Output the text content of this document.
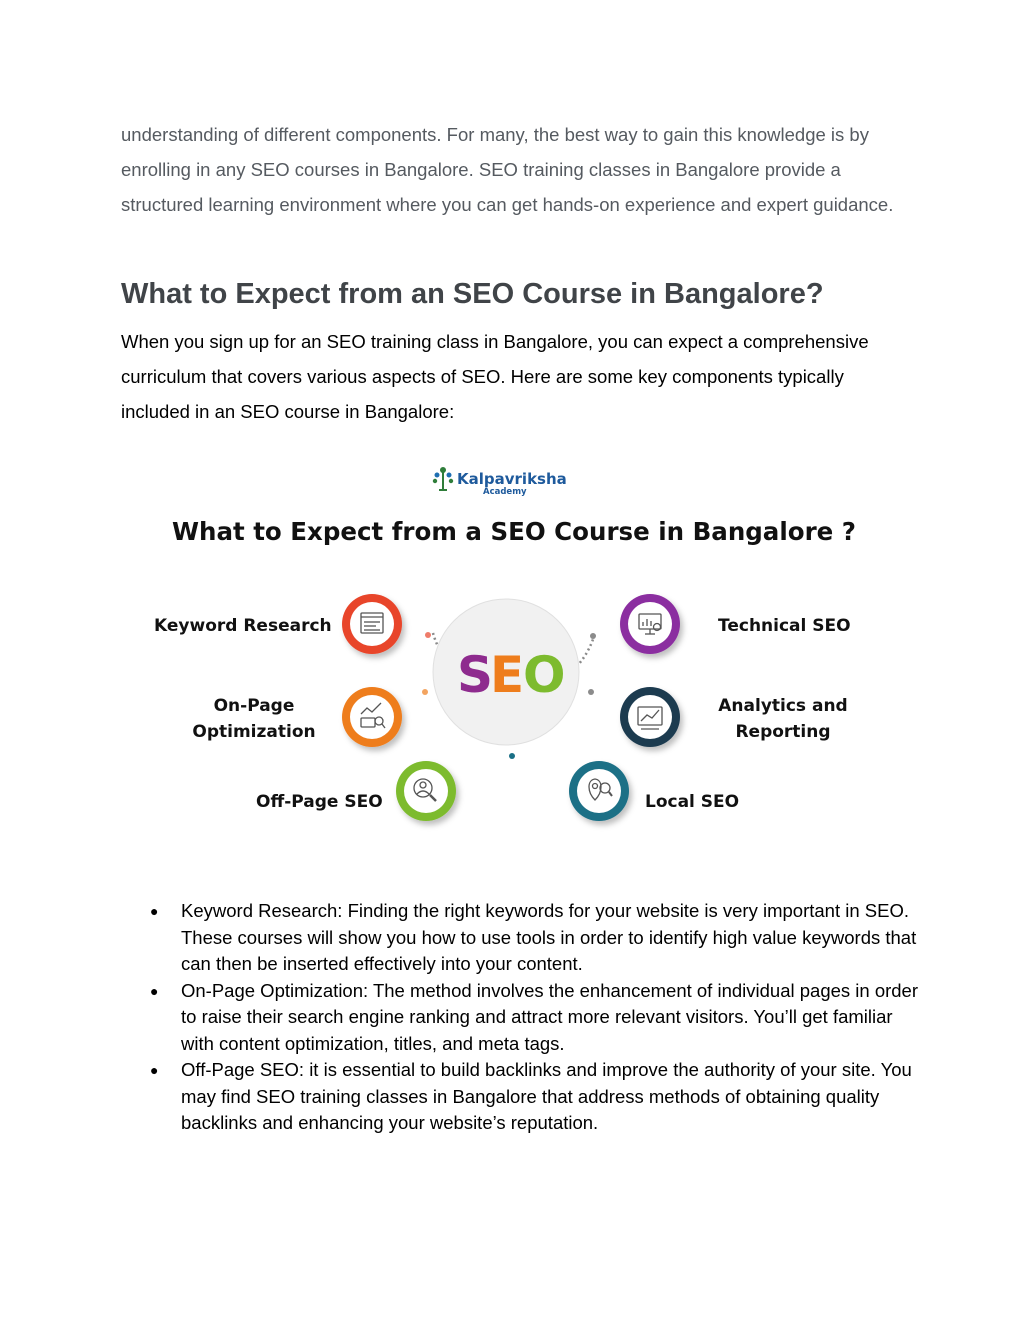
understanding of different components. For many, the best way to gain this knowledge is by enrolling in any SEO courses in Bangalore. SEO training classes in Bangalore provide a structured learning environment where you can get hands-on experience and expert guidance.

What to Expect from an SEO Course in Bangalore?

When you sign up for an SEO training class in Bangalore, you can expect a comprehensive curriculum that covers various aspects of SEO. Here are some key components typically included in an SEO course in Bangalore:

Kalpavriksha
Academy
What to Expect from a SEO Course in Bangalore ?
S
E
O
Keyword Research
On-Page
Optimization
Off-Page SEO
Technical SEO
Analytics and
Reporting
Local SEO
● Keyword Research: Finding the right keywords for your website is very important in SEO. These courses will show you how to use tools in order to identify high value keywords that can then be inserted effectively into your content.
● On-Page Optimization: The method involves the enhancement of individual pages in order to raise their search engine ranking and attract more relevant visitors. You’ll get familiar with content optimization, titles, and meta tags.
● Off-Page SEO: it is essential to build backlinks and improve the authority of your site. You may find SEO training classes in Bangalore that address methods of obtaining quality backlinks and enhancing your website’s reputation.
